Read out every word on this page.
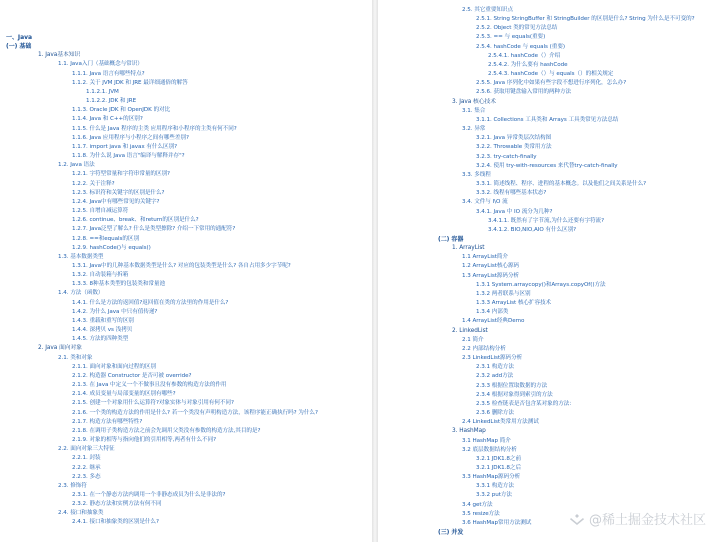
一、Java
(一) 基础
1. Java基本知识
1.1. Java入门（基础概念与常识）
1.1.1. Java 语言有哪些特点?
1.1.2. 关于 JVM JDK 和 JRE 最详细通俗的解答
1.1.2.1. JVM
1.1.2.2. JDK 和 JRE
1.1.3. Oracle JDK 和 OpenJDK 的对比
1.1.4. Java 和 C++的区别?
1.1.5. 什么是 Java 程序的主类 应用程序和小程序的主类有何不同?
1.1.6. Java 应用程序与小程序之间有哪些差别?
1.1.7. import java 和 javax 有什么区别?
1.1.8. 为什么说 Java 语言"编译与解释并存"?
1.2. Java 语法
1.2.1. 字符型常量和字符串常量的区别?
1.2.2. 关于注释?
1.2.3. 标识符和关键字的区别是什么?
1.2.4. Java中有哪些常见的关键字?
1.2.5. 自增自减运算符
1.2.6. continue、break、和return的区别是什么?
1.2.7. Java泛型了解么? 什么是类型擦除? 介绍一下常用的通配符?
1.2.8. ==和equals的区别
1.2.9. hashCode()与 equals()
1.3. 基本数据类型
1.3.1. Java中的几种基本数据类型是什么? 对应的包装类型是什么? 各自占用多少字节呢?
1.3.2. 自动装箱与拆箱
1.3.3. 8种基本类型的包装类和常量池
1.4. 方法（函数）
1.4.1. 什么是方法的返回值?返回值在类的方法里的作用是什么?
1.4.2. 为什么 Java 中只有值传递?
1.4.3. 重载和重写的区别
1.4.4. 深拷贝 vs 浅拷贝
1.4.5. 方法的四种类型
2. Java 面向对象
2.1. 类和对象
2.1.1. 面向对象和面向过程的区别
2.1.2. 构造器 Constructor 是否可被 override?
2.1.3. 在 Java 中定义一个不做事且没有参数的构造方法的作用
2.1.4. 成员变量与局部变量的区别有哪些?
2.1.5. 创建一个对象用什么运算符?对象实体与对象引用有何不同?
2.1.6. 一个类的构造方法的作用是什么? 若一个类没有声明构造方法，该程序能正确执行吗? 为什么?
2.1.7. 构造方法有哪些特性?
2.1.8. 在调用子类构造方法之前会先调用父类没有参数的构造方法,其目的是?
2.1.9. 对象的相等与指向他们的引用相等,两者有什么不同?
2.2. 面向对象三大特征
2.2.1. 封装
2.2.2. 继承
2.2.3. 多态
2.3. 修饰符
2.3.1. 在一个静态方法内调用一个非静态成员为什么是非法的?
2.3.2. 静态方法和实例方法有何不同
2.4. 接口和抽象类
2.4.1. 接口和抽象类的区别是什么?	@稀土掘金技术社区
2.5. 其它重要知识点
2.5.1. String StringBuffer 和 StringBuilder 的区别是什么? String 为什么是不可变的?
2.5.2. Object 类的常见方法总结
2.5.3. == 与 equals(重要)
2.5.4. hashCode 与 equals (重要)
2.5.4.1. hashCode（）介绍
2.5.4.2. 为什么要有 hashCode
2.5.4.3. hashCode（）与 equals（）的相关规定
2.5.5. Java 序列化中如果有些字段不想进行序列化，怎么办?
2.5.6. 获取用键盘输入常用的两种方法
3. Java 核心技术
3.1. 集合
3.1.1. Collections 工具类和 Arrays 工具类常见方法总结
3.2. 异常
3.2.1. Java 异常类层次结构图
3.2.2. Throwable 类常用方法
3.2.3. try-catch-finally
3.2.4. 使用 try-with-resources 来代替try-catch-finally
3.3. 多线程
3.3.1. 简述线程、程序、进程的基本概念。以及他们之间关系是什么?
3.3.2. 线程有哪些基本状态?
3.4. 文件与 I\O 流
3.4.1. Java 中 IO 流分为几种?
3.4.1.1. 既然有了字节流,为什么还要有字符流?
3.4.1.2. BIO,NIO,AIO 有什么区别?
(二) 容器
1. ArrayList
1.1 ArrayList简介
1.2 ArrayList核心源码
1.3 ArrayList源码分析
1.3.1 System.arraycopy()和Arrays.copyOf()方法
1.3.2 两者联系与区别
1.3.3 ArrayList 核心扩容技术
1.3.4 内部类
1.4 ArrayList经典Demo
2. LinkedList
2.1 简介
2.2 内部结构分析
2.3 LinkedList源码分析
2.3.1 构造方法
2.3.2 add方法
2.3.3 根据位置取数据的方法
2.3.4 根据对象得到索引的方法
2.3.5 检查链表是否包含某对象的方法：
2.3.6 删除方法
2.4 LinkedList类常用方法测试
3. HashMap
3.1 HashMap 简介
3.2 底层数据结构分析
3.2.1 JDK1.8之前
3.2.1 JDK1.8之后
3.3 HashMap源码分析
3.3.1 构造方法
3.3.2 put方法
3.4 get方法
3.5 resize方法
3.6 HashMap常用方法测试
(三) 并发
